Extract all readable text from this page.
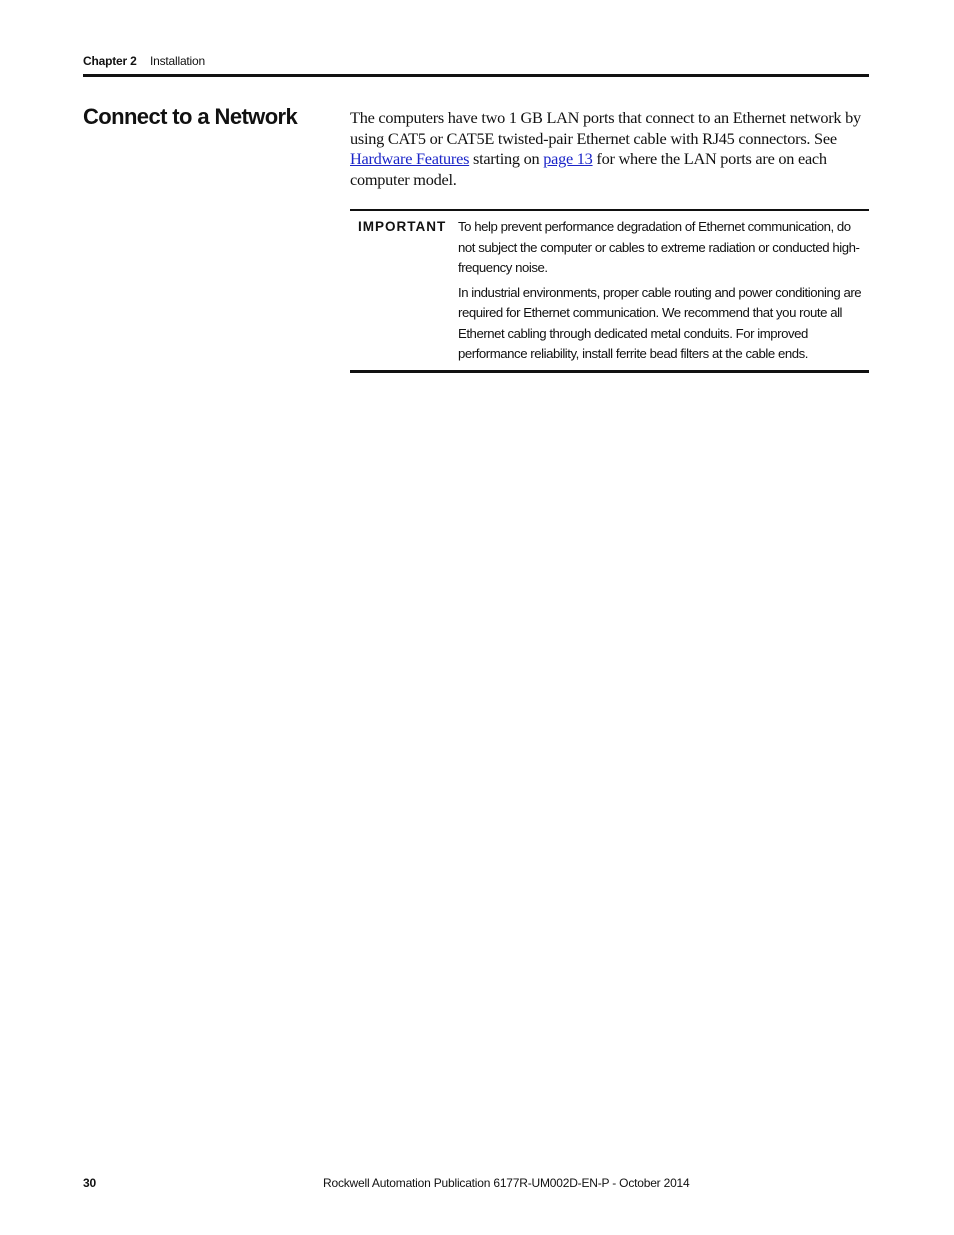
Chapter 2 Installation
Connect to a Network	The computers have two 1 GB LAN ports that connect to an Ethernet network by using CAT5 or CAT5E twisted-pair Ethernet cable with RJ45 connectors. See Hardware Features starting on page 13 for where the LAN ports are on each computer model.

IMPORTANT To help prevent performance degradation of Ethernet communication, do not subject the computer or cables to extreme radiation or conducted high-frequency noise.

In industrial environments, proper cable routing and power conditioning are required for Ethernet communication. We recommend that you route all Ethernet cabling through dedicated metal conduits. For improved performance reliability, install ferrite bead filters at the cable ends.

30	Rockwell Automation Publication 6177R-UM002D-EN-P - October 2014
